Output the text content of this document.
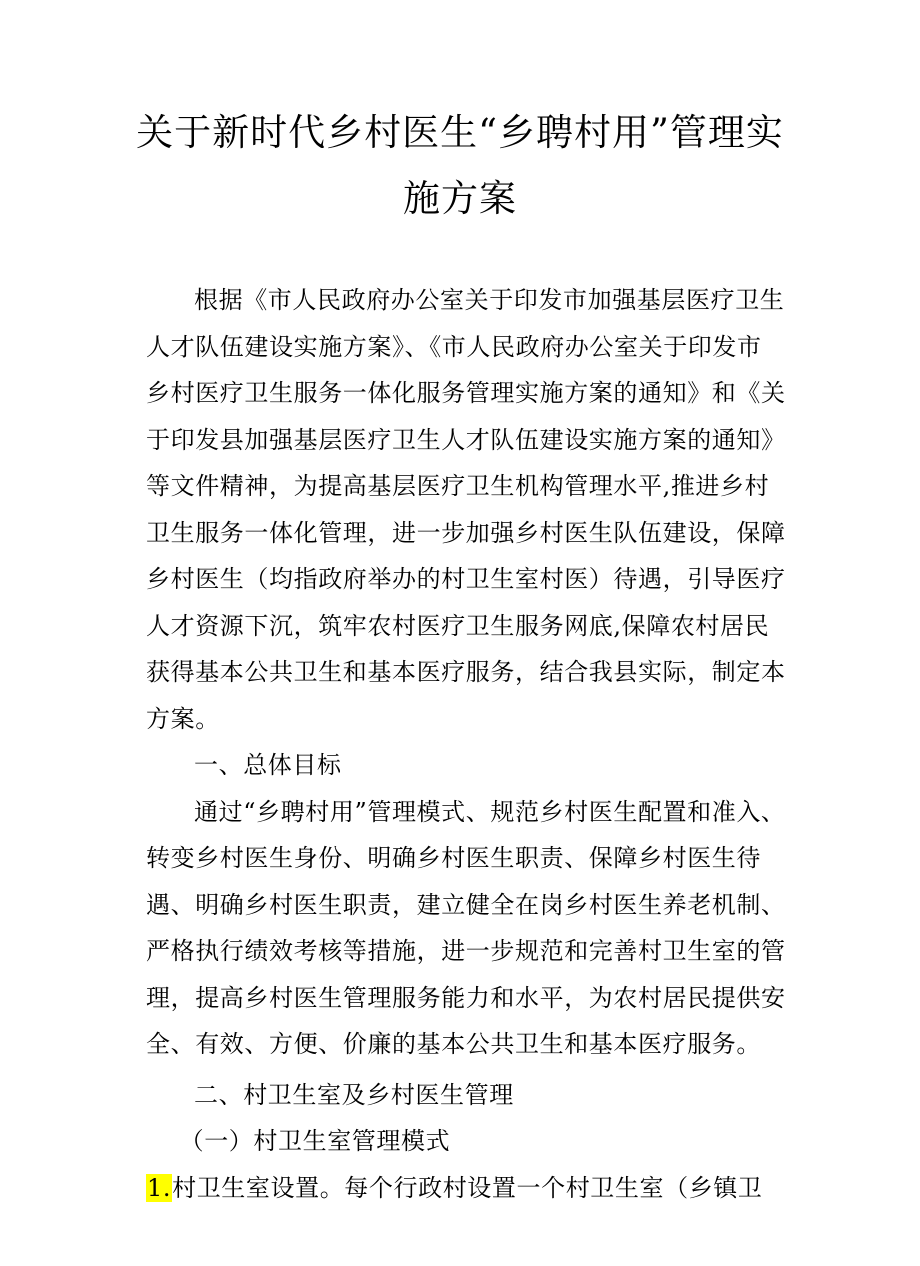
关于新时代乡村医生“乡聘村用”管理实
施方案

根据《市人民政府办公室关于印发市加强基层医疗卫生人才队伍建设实施方案》、《市人民政府办公室关于印发市乡村医疗卫生服务一体化服务管理实施方案的通知》和《关于印发县加强基层医疗卫生人才队伍建设实施方案的通知》等文件精神，为提高基层医疗卫生机构管理水平,推进乡村卫生服务一体化管理，进一步加强乡村医生队伍建设，保障乡村医生（均指政府举办的村卫生室村医）待遇，引导医疗人才资源下沉，筑牢农村医疗卫生服务网底,保障农村居民获得基本公共卫生和基本医疗服务，结合我县实际，制定本方案。

一、总体目标

通过“乡聘村用”管理模式、规范乡村医生配置和准入、转变乡村医生身份、明确乡村医生职责、保障乡村医生待遇、明确乡村医生职责，建立健全在岗乡村医生养老机制、严格执行绩效考核等措施，进一步规范和完善村卫生室的管理，提高乡村医生管理服务能力和水平，为农村居民提供安全、有效、方便、价廉的基本公共卫生和基本医疗服务。

二、村卫生室及乡村医生管理

（一）村卫生室管理模式

1.村卫生室设置。每个行政村设置一个村卫生室（乡镇卫
